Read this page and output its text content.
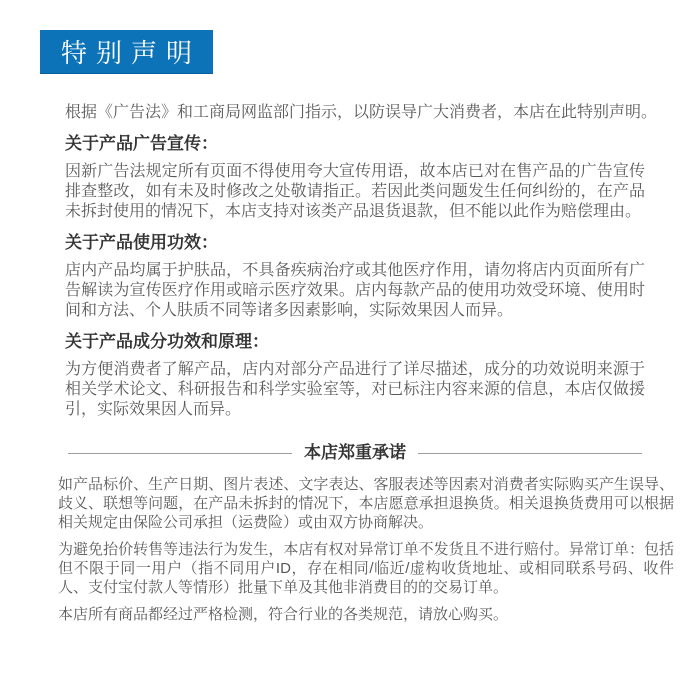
特别声明

根据《广告法》和工商局网监部门指示，以防误导广大消费者，本店在此特别声明。

关于产品广告宣传：

因新广告法规定所有页面不得使用夸大宣传用语，故本店已对在售产品的广告宣传排查整改，如有未及时修改之处敬请指正。若因此类问题发生任何纠纷的，在产品未拆封使用的情况下，本店支持对该类产品退货退款，但不能以此作为赔偿理由。

关于产品使用功效：

店内产品均属于护肤品，不具备疾病治疗或其他医疗作用，请勿将店内页面所有广告解读为宣传医疗作用或暗示医疗效果。店内每款产品的使用功效受环境、使用时间和方法、个人肤质不同等诸多因素影响，实际效果因人而异。

关于产品成分功效和原理：

为方便消费者了解产品，店内对部分产品进行了详尽描述，成分的功效说明来源于相关学术论文、科研报告和科学实验室等，对已标注内容来源的信息，本店仅做援引，实际效果因人而异。

本店郑重承诺

如产品标价、生产日期、图片表述、文字表达、客服表述等因素对消费者实际购买产生误导、歧义、联想等问题，在产品未拆封的情况下，本店愿意承担退换货。相关退换货费用可以根据相关规定由保险公司承担（运费险）或由双方协商解决。

为避免抬价转售等违法行为发生，本店有权对异常订单不发货且不进行赔付。异常订单：包括但不限于同一用户（指不同用户ID，存在相同/临近/虚构收货地址、或相同联系号码、收件人、支付宝付款人等情形）批量下单及其他非消费目的的交易订单。

本店所有商品都经过严格检测，符合行业的各类规范，请放心购买。
